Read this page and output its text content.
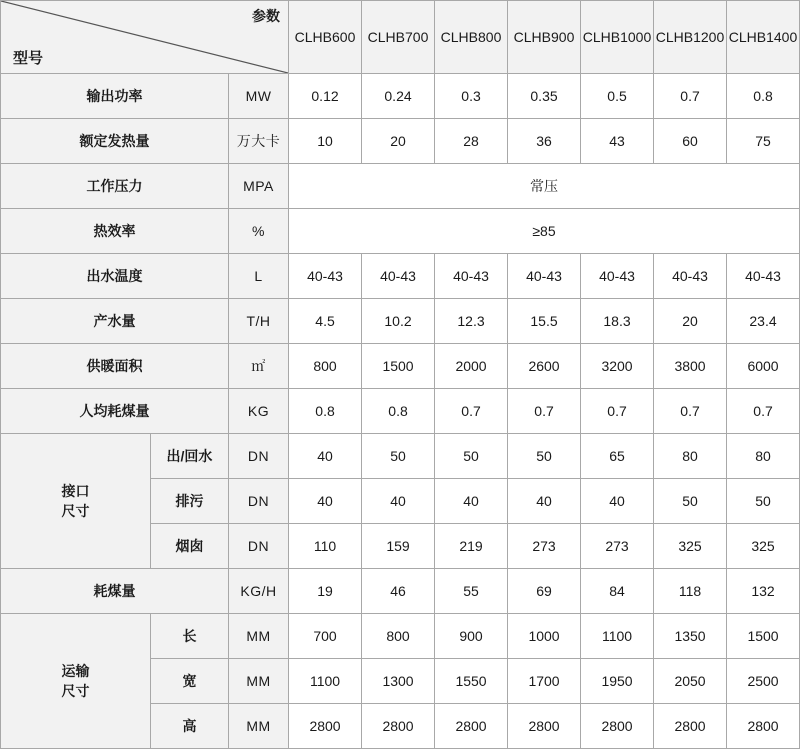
参数
型号			CLHB600	CLHB700	CLHB800	CLHB900	CLHB1000	CLHB1200	CLHB1400
输出功率		MW	0.12	0.24	0.3	0.35	0.5	0.7	0.8
额定发热量		万大卡	10	20	28	36	43	60	75
工作压力		MPA	常压						
热效率		%	≥85						
出水温度		L	40-43	40-43	40-43	40-43	40-43	40-43	40-43
产水量		T/H	4.5	10.2	12.3	15.5	18.3	20	23.4
供暖面积		㎡	800	1500	2000	2600	3200	3800	6000
人均耗煤量		KG	0.8	0.8	0.7	0.7	0.7	0.7	0.7

接口
尺寸	出/回水	DN	40	50	50	50	65	80	80
	排污	DN	40	40	40	40	40	50	50
	烟囱	DN	110	159	219	273	273	325	325
耗煤量		KG/H	19	46	55	69	84	118	132

运输
尺寸	长	MM	700	800	900	1000	1100	1350	1500
	宽	MM	1100	1300	1550	1700	1950	2050	2500
	高	MM	2800	2800	2800	2800	2800	2800	2800
